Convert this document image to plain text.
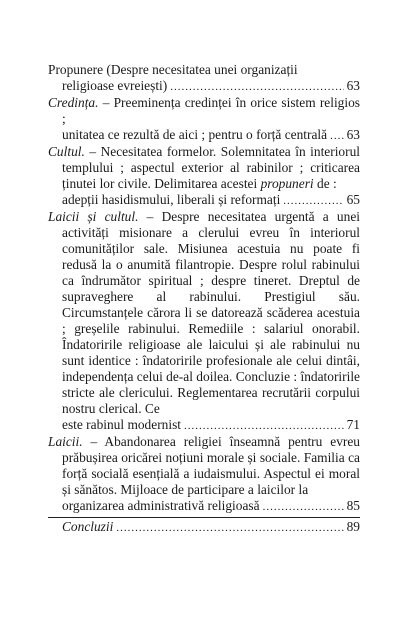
Propunere (Despre necesitatea unei organizații
religioase evreiești) .....	63
Credința. – Preeminența credinței în orice sistem religios ;
unitatea ce rezultă de aici ; pentru o forță centrală ..... 63
Cultul. – Necesitatea formelor. Solemnitatea în interiorul templului ; aspectul exterior al rabinilor ; criticarea ținutei lor civile. Delimitarea acestei propuneri de :
adepții hasidismului, liberali și reformați .....	65
Laicii și cultul. – Despre necesitatea urgentă a unei activități misionare a clerului evreu în interiorul comunităților sale. Misiunea acestuia nu poate fi redusă la o anumită filantropie. Despre rolul rabinului ca îndrumător spiritual ; despre tineret. Dreptul de supraveghere al rabinului. Prestigiul său. Circumstanțele cărora li se datorează scăderea acestuia ; greșelile rabinului. Remediile : salariul onorabil. Îndatoririle religioase ale laicului și ale rabinului nu sunt identice : îndatoririle profesionale ale celui dintâi, independența celui de-al doilea. Concluzie : îndatoririle stricte ale clericului. Reglementarea recrutării corpului nostru clerical. Ce
este rabinul modernist .....	71
Laicii. – Abandonarea religiei înseamnă pentru evreu prăbușirea oricărei noțiuni morale și sociale. Familia ca forță socială esențială a iudaismului. Aspectul ei moral și sănătos. Mijloace de participare a laicilor la
organizarea administrativă religioasă .....	85
Concluzii .....	89
